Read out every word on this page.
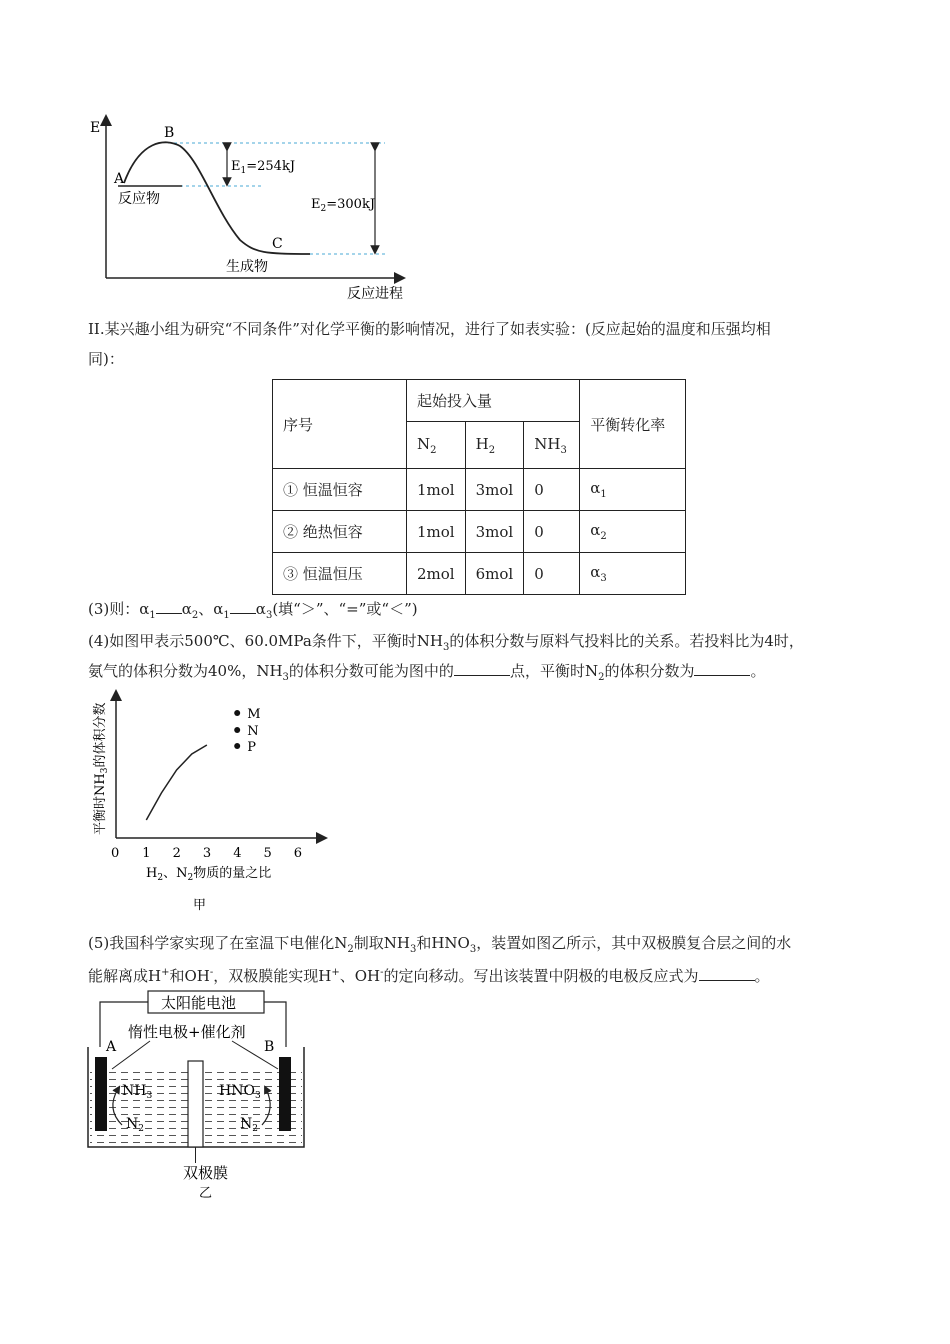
E
反应进程
A
B
C
反应物
生成物
$E_1=254kJ$
$E_2=300kJ$
II.某兴趣小组为研究“不同条件”对化学平衡的影响情况，进行了如表实验：(反应起始的温度和压强均相
同)：
序号	起始投入量			平衡转化率
	$N_2$	$H_2$	$NH_3$
① 恒温恒容	1mol	3mol	0	$\alpha_1$
② 绝热恒容	1mol	3mol	0	$\alpha_2$
③ 恒温恒压	2mol	6mol	0	$\alpha_3$
(3)则：$\alpha_1$ $\alpha_2$、$\alpha_1$ $\alpha_3$(填“＞”、“=”或“＜”)
(4)如图甲表示500℃、60.0MPa条件下，平衡时$NH_3$的体积分数与原料气投料比的关系。若投料比为4时，
氨气的体积分数为40%，$NH_3$的体积分数可能为图中的	点，平衡时$N_2$的体积分数为	。
0 1 2 3 4 5 6
M
N
P
平衡时$NH_3$的体积分数
$H_2$、$N_2$物质的量之比
甲
(5)我国科学家实现了在室温下电催化$N_2$制取$NH_3$和$HNO_3$，装置如图乙所示，其中双极膜复合层之间的水
能解离成H+和OH-，双极膜能实现H+、OH-的定向移动。写出该装置中阴极的电极反应式为	。
太阳能电池
惰性电极+催化剂
A	B
$NH_3$
$N_2$
$HNO_3$
$N_2$
双极膜
乙
